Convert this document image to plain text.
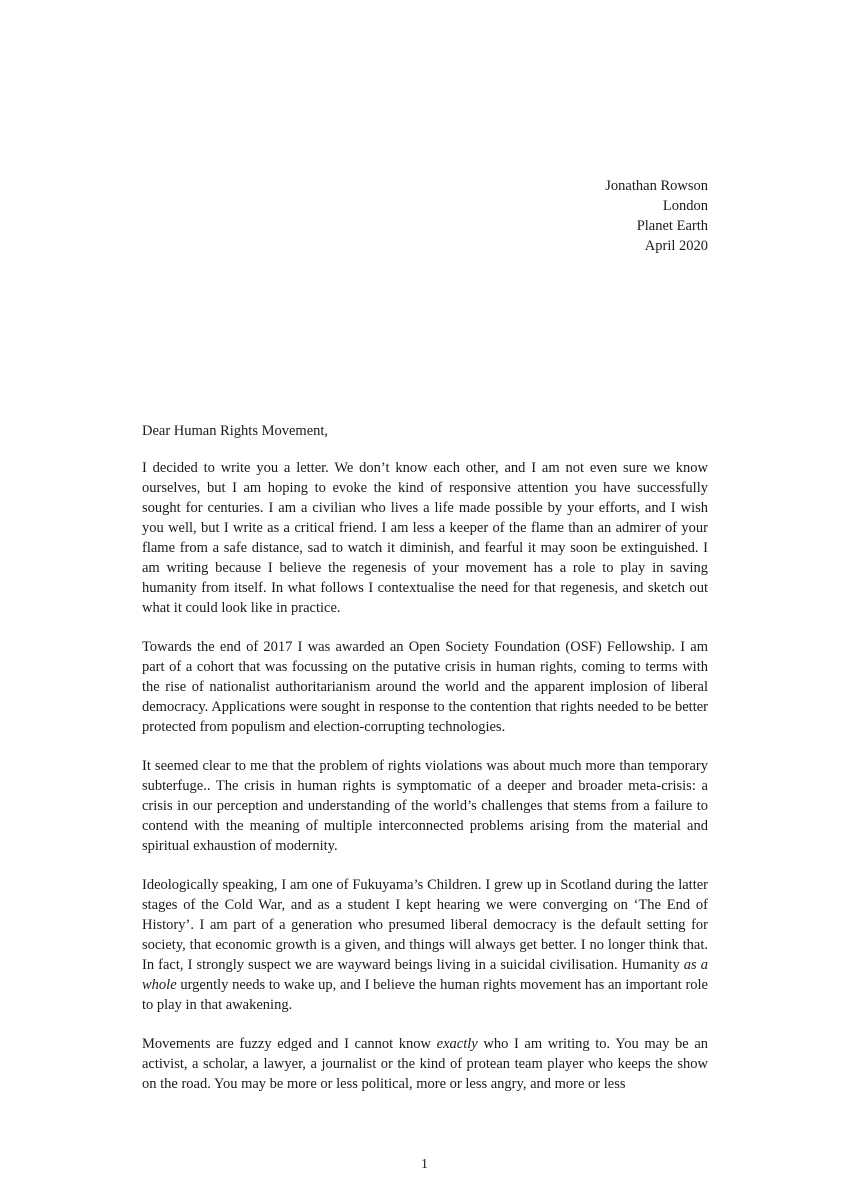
Jonathan Rowson
London
Planet Earth
April 2020

Dear Human Rights Movement,

I decided to write you a letter. We don’t know each other, and I am not even sure we know ourselves, but I am hoping to evoke the kind of responsive attention you have successfully sought for centuries. I am a civilian who lives a life made possible by your efforts, and I wish you well, but I write as a critical friend. I am less a keeper of the flame than an admirer of your flame from a safe distance, sad to watch it diminish, and fearful it may soon be extinguished. I am writing because I believe the regenesis of your movement has a role to play in saving humanity from itself. In what follows I contextualise the need for that regenesis, and sketch out what it could look like in practice.

Towards the end of 2017 I was awarded an Open Society Foundation (OSF) Fellowship. I am part of a cohort that was focussing on the putative crisis in human rights, coming to terms with the rise of nationalist authoritarianism around the world and the apparent implosion of liberal democracy. Applications were sought in response to the contention that rights needed to be better protected from populism and election-corrupting technologies.

It seemed clear to me that the problem of rights violations was about much more than temporary subterfuge.. The crisis in human rights is symptomatic of a deeper and broader meta-crisis: a crisis in our perception and understanding of the world’s challenges that stems from a failure to contend with the meaning of multiple interconnected problems arising from the material and spiritual exhaustion of modernity.

Ideologically speaking, I am one of Fukuyama’s Children. I grew up in Scotland during the latter stages of the Cold War, and as a student I kept hearing we were converging on ‘The End of History’. I am part of a generation who presumed liberal democracy is the default setting for society, that economic growth is a given, and things will always get better. I no longer think that. In fact, I strongly suspect we are wayward beings living in a suicidal civilisation. Humanity as a whole urgently needs to wake up, and I believe the human rights movement has an important role to play in that awakening.

Movements are fuzzy edged and I cannot know exactly who I am writing to. You may be an activist, a scholar, a lawyer, a journalist or the kind of protean team player who keeps the show on the road. You may be more or less political, more or less angry, and more or less

1
